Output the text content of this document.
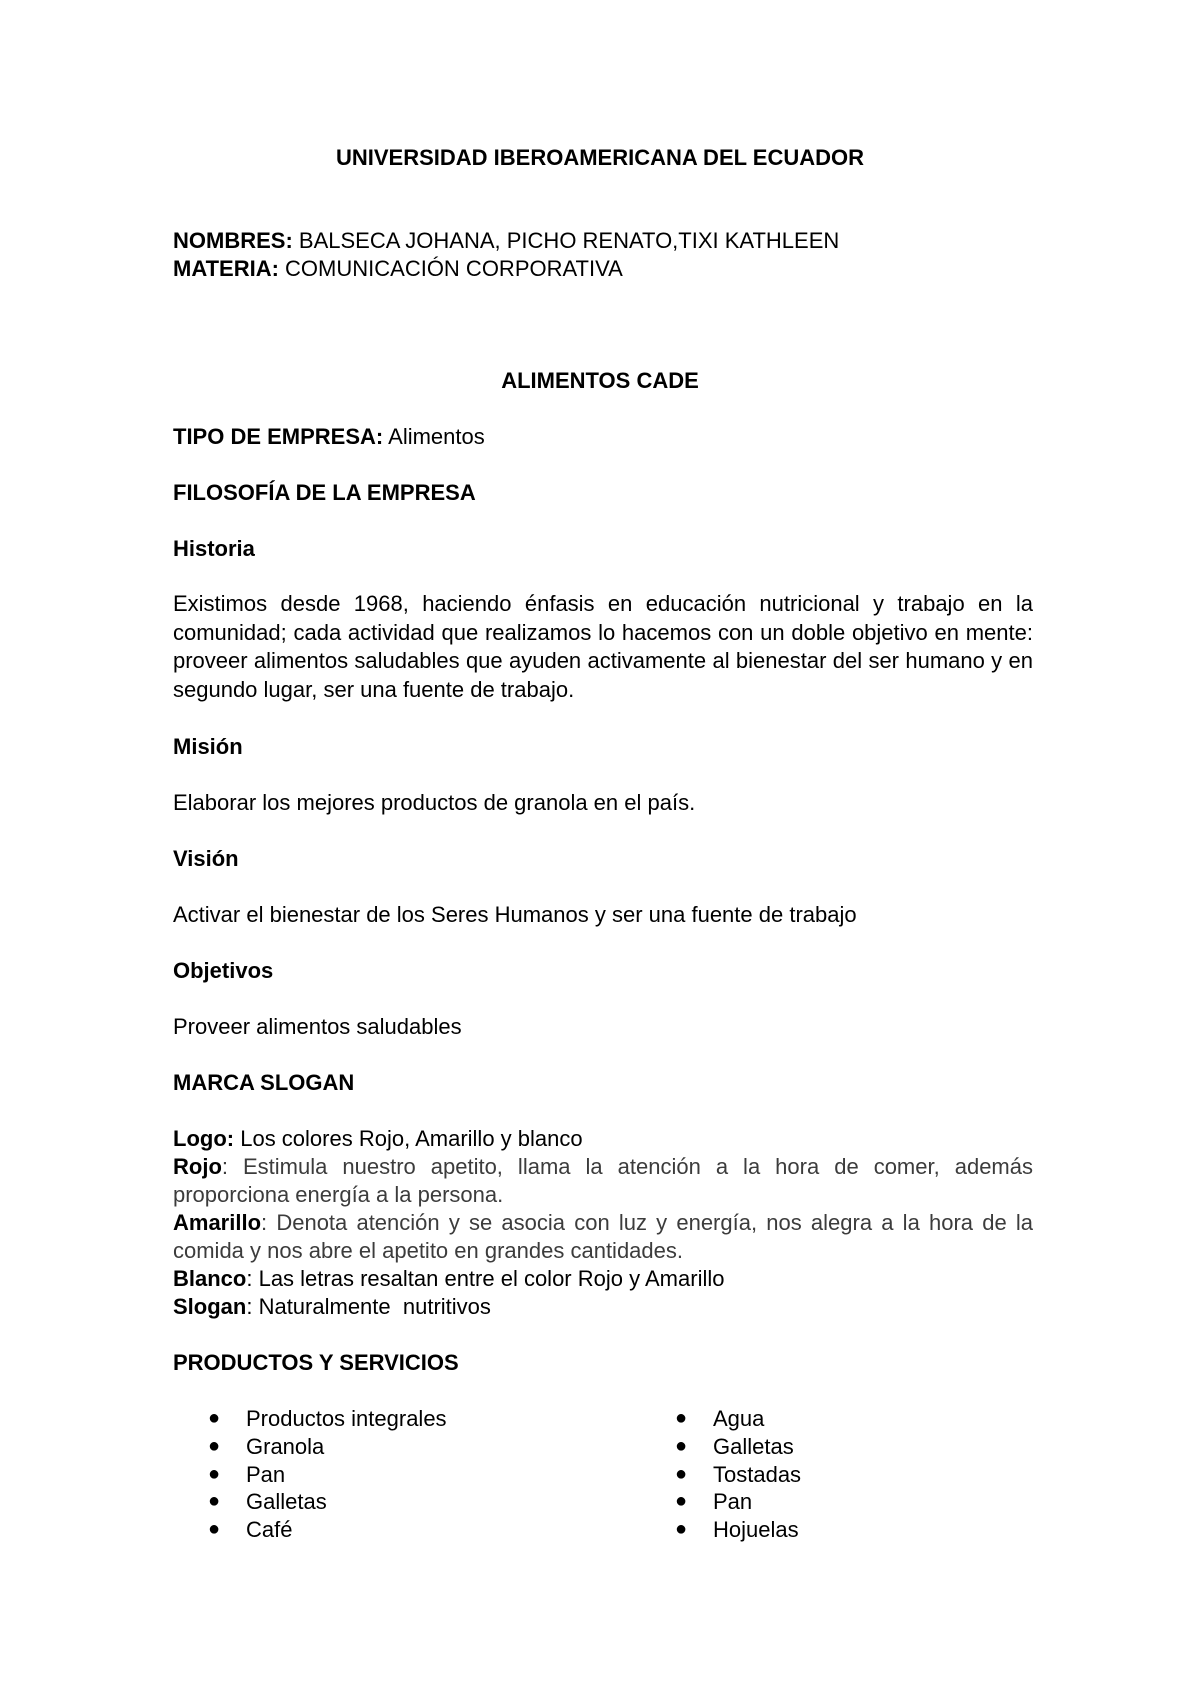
UNIVERSIDAD IBEROAMERICANA DEL ECUADOR
NOMBRES: BALSECA JOHANA, PICHO RENATO,TIXI KATHLEEN
MATERIA: COMUNICACIÓN CORPORATIVA
ALIMENTOS CADE
TIPO DE EMPRESA: Alimentos
FILOSOFÍA DE LA EMPRESA
Historia
Existimos desde 1968, haciendo énfasis en educación nutricional y trabajo en la comunidad; cada actividad que realizamos lo hacemos con un doble objetivo en mente: proveer alimentos saludables que ayuden activamente al bienestar del ser humano y en segundo lugar, ser una fuente de trabajo.
Misión
Elaborar los mejores productos de granola en el país.
Visión
Activar el bienestar de los Seres Humanos y ser una fuente de trabajo
Objetivos
Proveer alimentos saludables
MARCA SLOGAN
Logo: Los colores Rojo, Amarillo y blanco
Rojo: Estimula nuestro apetito, llama la atención a la hora de comer, además proporciona energía a la persona.
Amarillo: Denota atención y se asocia con luz y energía, nos alegra a la hora de la comida y nos abre el apetito en grandes cantidades.
Blanco: Las letras resaltan entre el color Rojo y Amarillo
Slogan: Naturalmente  nutritivos
PRODUCTOS Y SERVICIOS
● Productos integrales
● Granola
● Pan
● Galletas
● Café
● Agua
● Galletas
● Tostadas
● Pan
● Hojuelas
